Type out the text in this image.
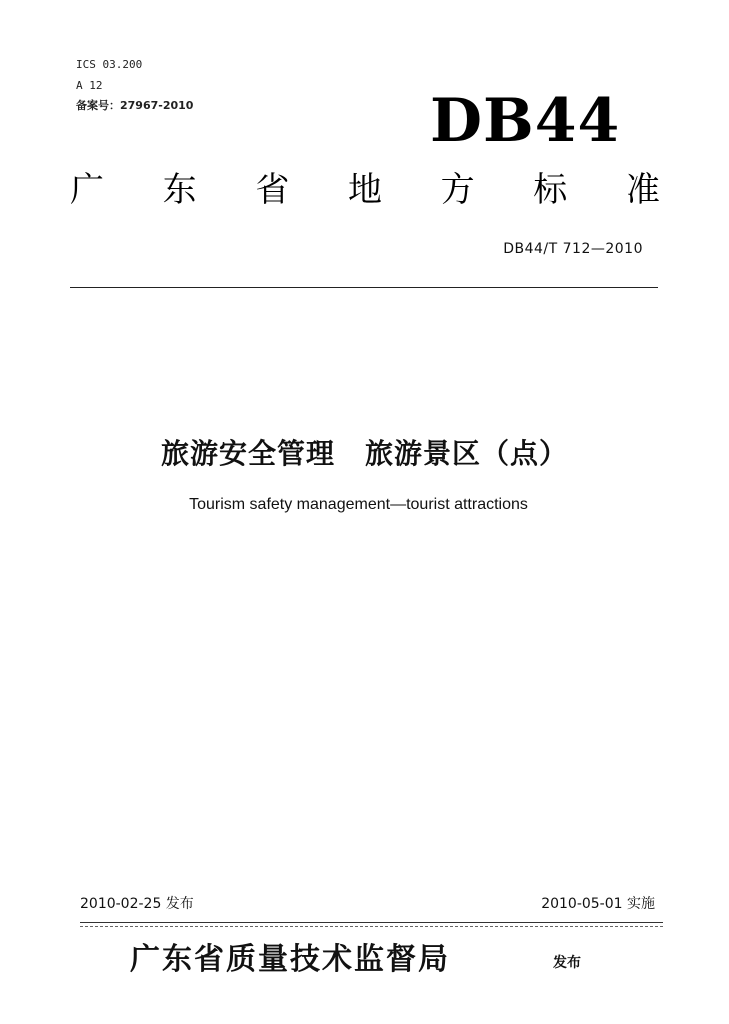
ICS 03.200
A 12
备案号：27967-2010	DB44
广 东 省 地 方 标 准
DB44/T 712—2010
旅游安全管理 旅游景区（点）
Tourism safety management—tourist attractions
2010-02-25 发布	2010-05-01 实施
广东省质量技术监督局	发布
